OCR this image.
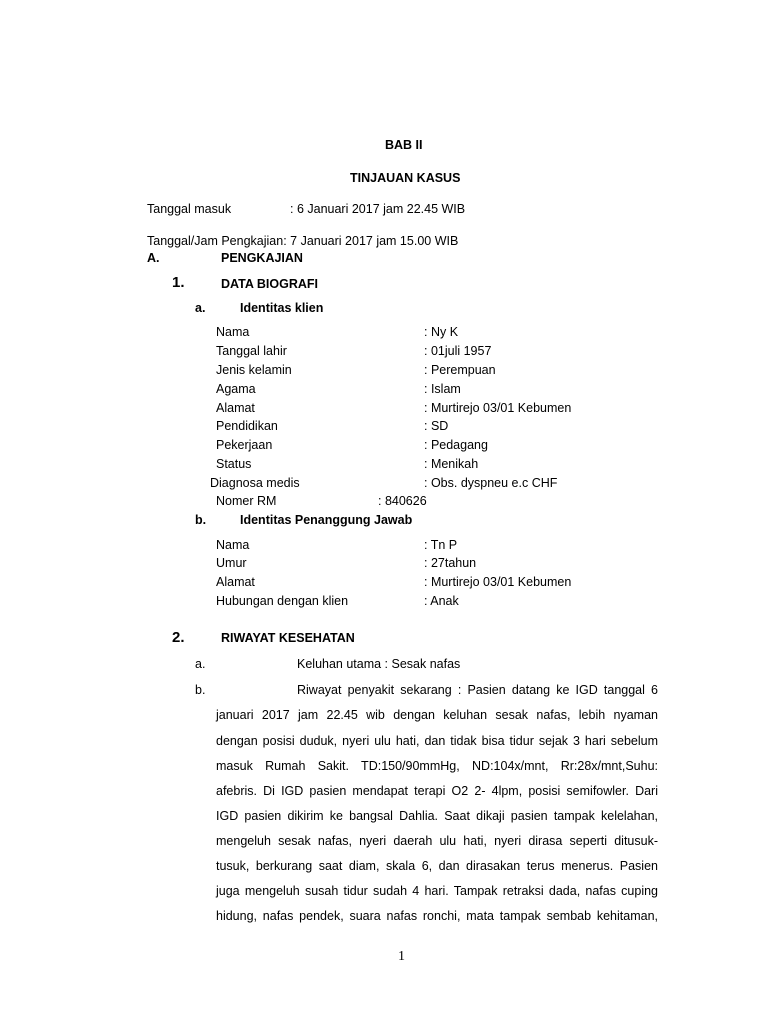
BAB II
TINJAUAN KASUS
Tanggal masuk	: 6 Januari 2017 jam 22.45 WIB
Tanggal/Jam Pengkajian: 7 Januari 2017 jam 15.00 WIB
A.	PENGKAJIAN
1.	DATA BIOGRAFI
a.	Identitas klien
Nama	: Ny K
Tanggal lahir	: 01juli 1957
Jenis kelamin	: Perempuan
Agama	: Islam
Alamat	: Murtirejo 03/01 Kebumen
Pendidikan	: SD
Pekerjaan	: Pedagang
Status	: Menikah
Diagnosa medis	: Obs. dyspneu e.c CHF
Nomer RM	: 840626
b.	Identitas Penanggung Jawab
Nama	: Tn P
Umur	: 27tahun
Alamat	: Murtirejo 03/01 Kebumen
Hubungan dengan klien	: Anak
2.	RIWAYAT KESEHATAN
a.	Keluhan utama : Sesak nafas
b.	Riwayat penyakit sekarang : Pasien datang ke IGD tanggal 6
januari 2017 jam 22.45 wib dengan keluhan sesak nafas, lebih nyaman
dengan posisi duduk, nyeri ulu hati, dan tidak bisa tidur sejak 3 hari sebelum
masuk Rumah Sakit. TD:150/90mmHg, ND:104x/mnt, Rr:28x/mnt,Suhu:
afebris. Di IGD pasien mendapat terapi O2 2- 4lpm, posisi semifowler. Dari
IGD pasien dikirim ke bangsal Dahlia. Saat dikaji pasien tampak kelelahan,
mengeluh sesak nafas, nyeri daerah ulu hati, nyeri dirasa seperti ditusuk-
tusuk, berkurang saat diam, skala 6, dan dirasakan terus menerus. Pasien
juga mengeluh susah tidur sudah 4 hari. Tampak retraksi dada, nafas cuping
hidung, nafas pendek, suara nafas ronchi, mata tampak sembab kehitaman,
1
